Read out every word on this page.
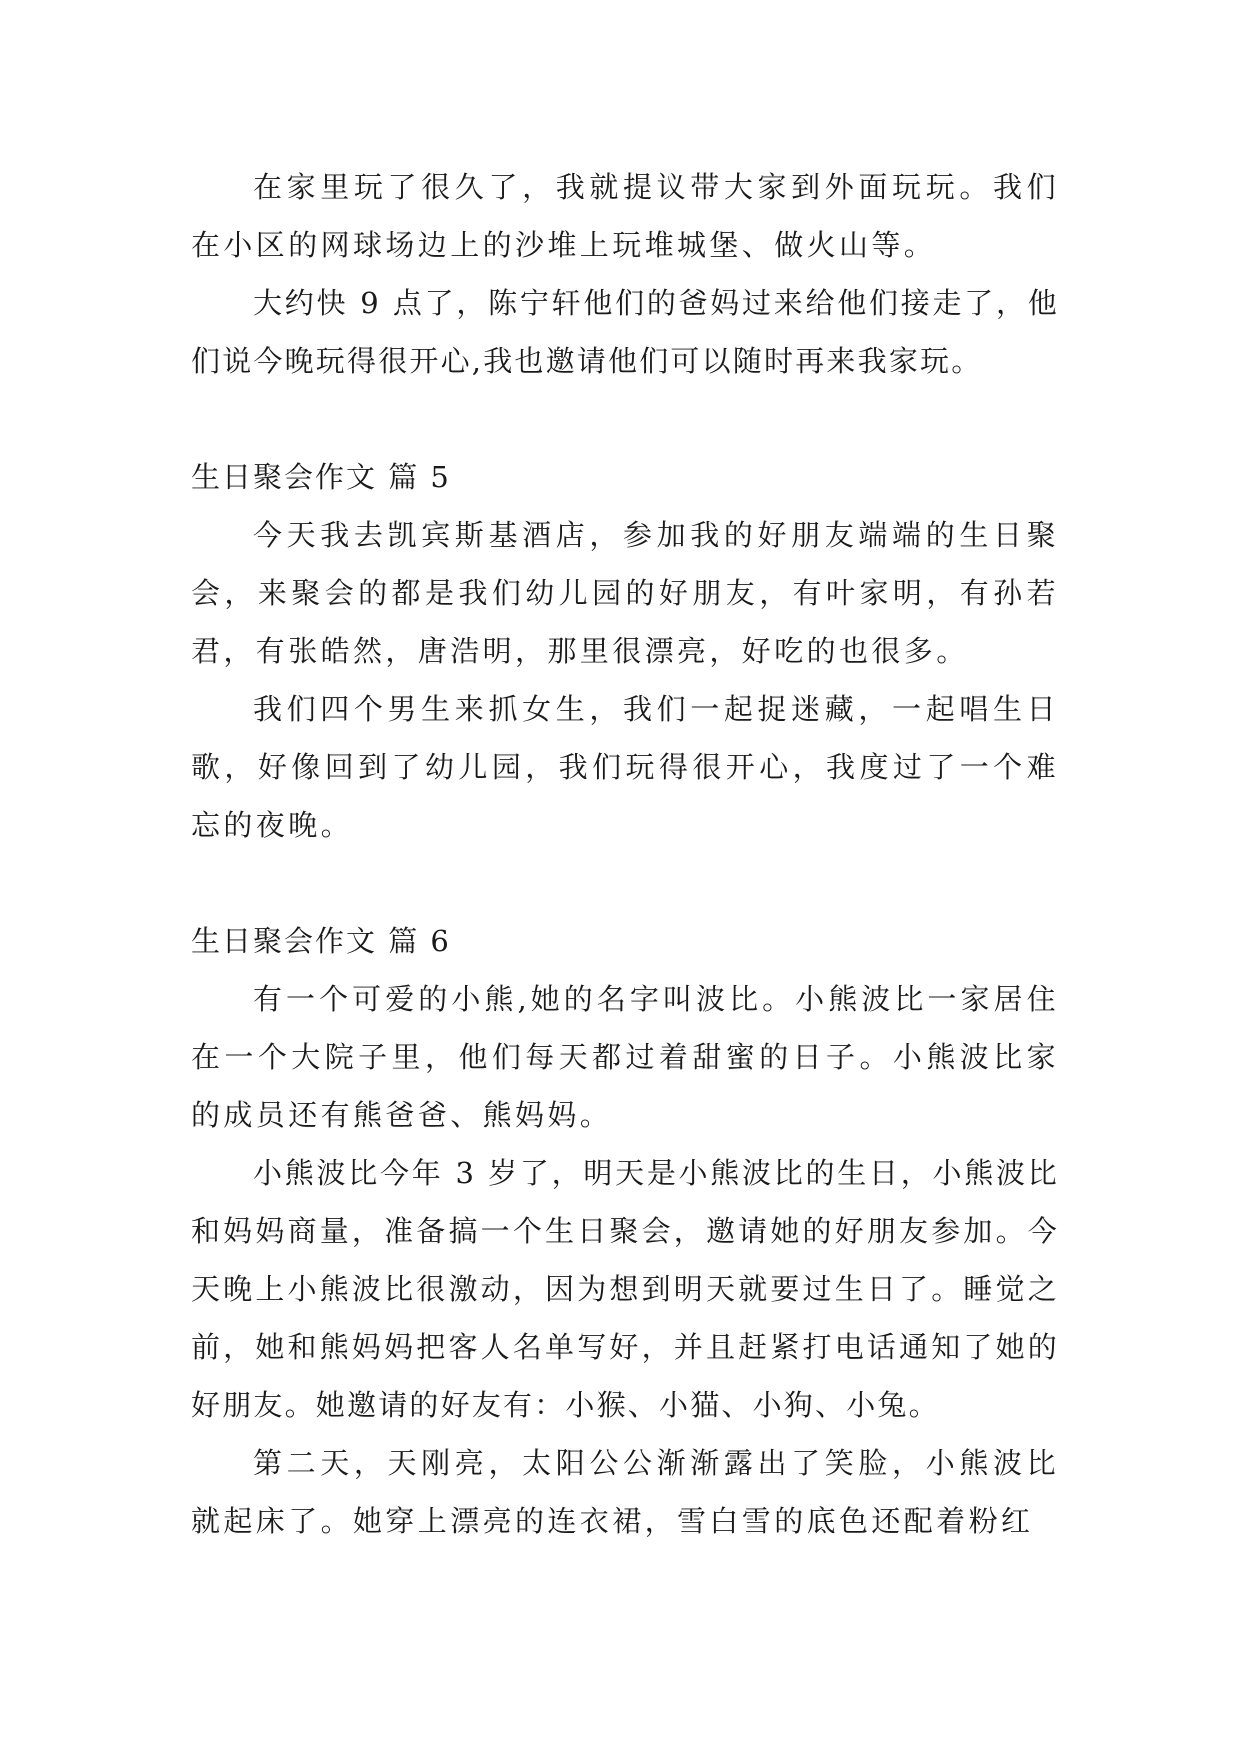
在家里玩了很久了，我就提议带大家到外面玩玩。我们在小区的网球场边上的沙堆上玩堆城堡、做火山等。

大约快 9 点了，陈宁轩他们的爸妈过来给他们接走了，他们说今晚玩得很开心,我也邀请他们可以随时再来我家玩。

生日聚会作文 篇 5

今天我去凯宾斯基酒店，参加我的好朋友端端的生日聚会，来聚会的都是我们幼儿园的好朋友，有叶家明，有孙若君，有张皓然，唐浩明，那里很漂亮，好吃的也很多。

我们四个男生来抓女生，我们一起捉迷藏，一起唱生日歌，好像回到了幼儿园，我们玩得很开心，我度过了一个难忘的夜晚。

生日聚会作文 篇 6

有一个可爱的小熊,她的名字叫波比。小熊波比一家居住在一个大院子里，他们每天都过着甜蜜的日子。小熊波比家的成员还有熊爸爸、熊妈妈。

小熊波比今年 3 岁了，明天是小熊波比的生日，小熊波比和妈妈商量，准备搞一个生日聚会，邀请她的好朋友参加。今天晚上小熊波比很激动，因为想到明天就要过生日了。睡觉之前，她和熊妈妈把客人名单写好，并且赶紧打电话通知了她的好朋友。她邀请的好友有：小猴、小猫、小狗、小兔。

第二天，天刚亮，太阳公公渐渐露出了笑脸，小熊波比就起床了。她穿上漂亮的连衣裙，雪白雪的底色还配着粉红
